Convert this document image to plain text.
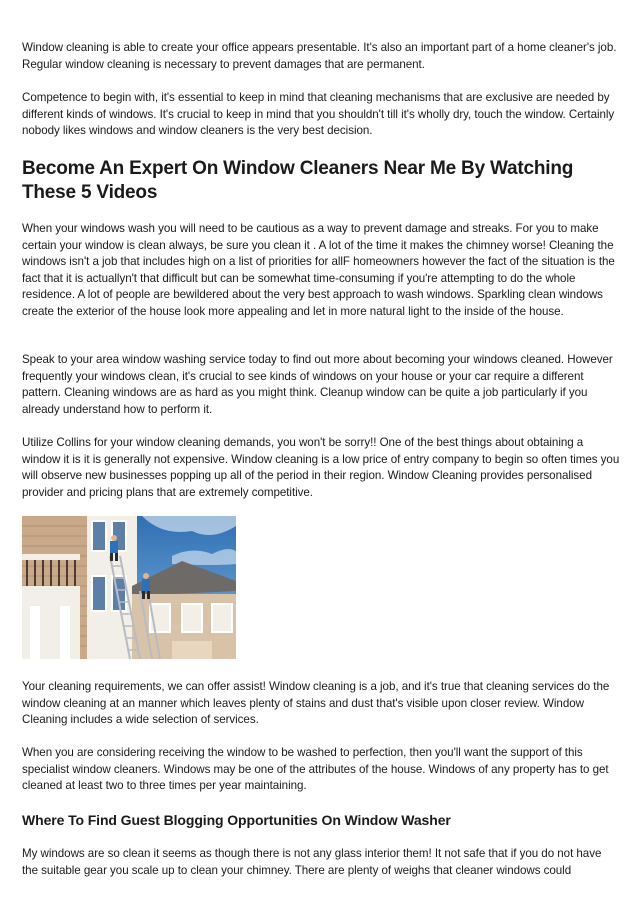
Window cleaning is able to create your office appears presentable. It's also an important part of a home cleaner's job. Regular window cleaning is necessary to prevent damages that are permanent.

Competence to begin with, it's essential to keep in mind that cleaning mechanisms that are exclusive are needed by different kinds of windows. It's crucial to keep in mind that you shouldn't till it's wholly dry, touch the window. Certainly nobody likes windows and window cleaners is the very best decision.

Become An Expert On Window Cleaners Near Me By Watching These 5 Videos

When your windows wash you will need to be cautious as a way to prevent damage and streaks. For you to make certain your window is clean always, be sure you clean it . A lot of the time it makes the chimney worse! Cleaning the windows isn't a job that includes high on a list of priorities for allF homeowners however the fact of the situation is the fact that it is actuallyn't that difficult but can be somewhat time-consuming if you're attempting to do the whole residence. A lot of people are bewildered about the very best approach to wash windows. Sparkling clean windows create the exterior of the house look more appealing and let in more natural light to the inside of the house.

Speak to your area window washing service today to find out more about becoming your windows cleaned. However frequently your windows clean, it's crucial to see kinds of windows on your house or your car require a different pattern. Cleaning windows are as hard as you might think. Cleanup window can be quite a job particularly if you already understand how to perform it.

Utilize Collins for your window cleaning demands, you won't be sorry!! One of the best things about obtaining a window it is it is generally not expensive. Window cleaning is a low price of entry company to begin so often times you will observe new businesses popping up all of the period in their region. Window Cleaning provides personalised provider and pricing plans that are extremely competitive.

Your cleaning requirements, we can offer assist! Window cleaning is a job, and it's true that cleaning services do the window cleaning at an manner which leaves plenty of stains and dust that's visible upon closer review. Window Cleaning includes a wide selection of services.

When you are considering receiving the window to be washed to perfection, then you'll want the support of this specialist window cleaners. Windows may be one of the attributes of the house. Windows of any property has to get cleaned at least two to three times per year maintaining.

Where To Find Guest Blogging Opportunities On Window Washer

My windows are so clean it seems as though there is not any glass interior them! It not safe that if you do not have the suitable gear you scale up to clean your chimney. There are plenty of weighs that cleaner windows could
